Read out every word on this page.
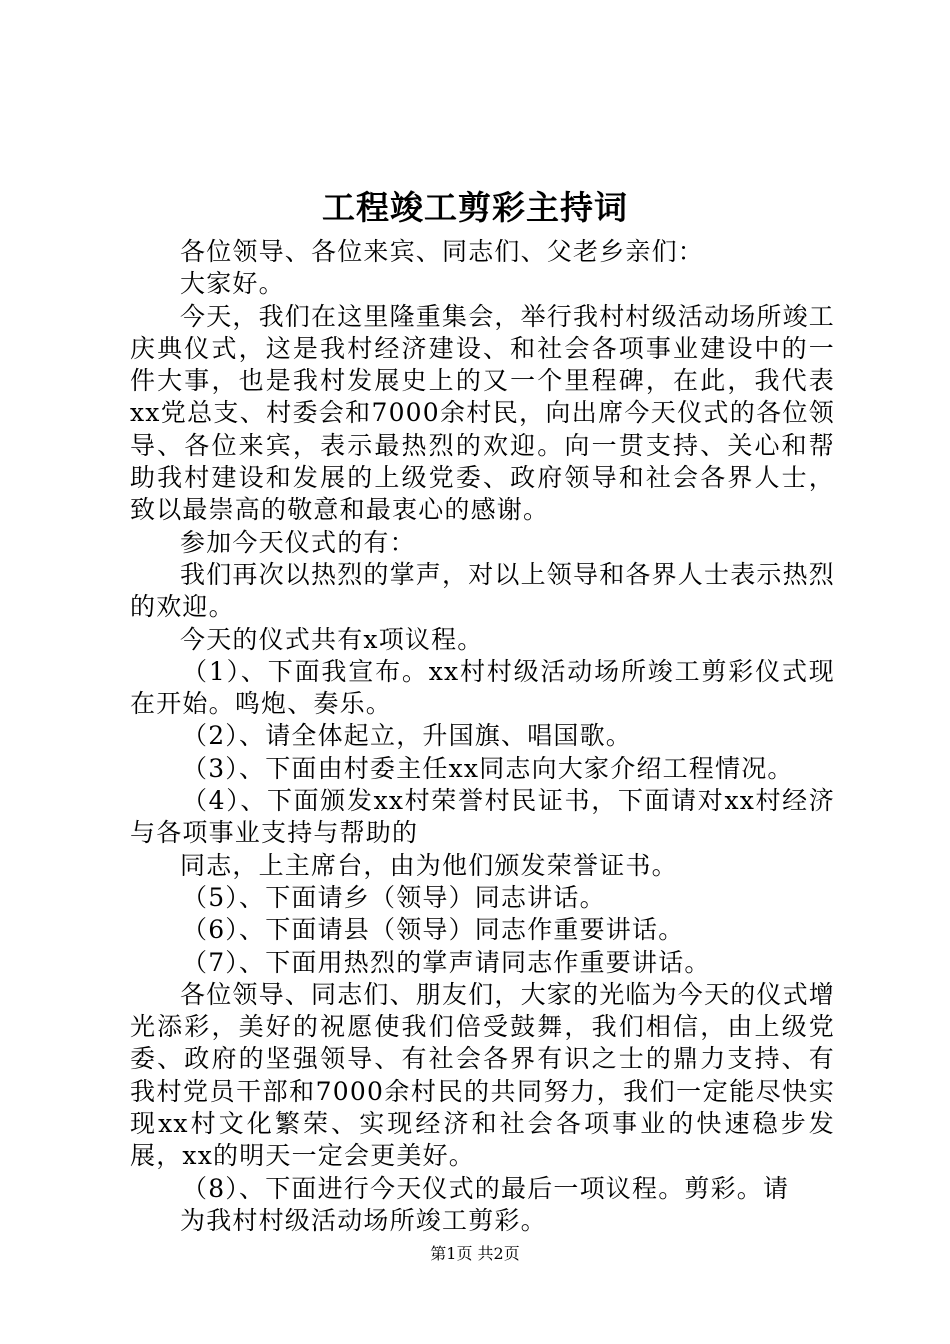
工程竣工剪彩主持词

各位领导、各位来宾、同志们、父老乡亲们：

大家好。

今天，我们在这里隆重集会，举行我村村级活动场所竣工庆典仪式，这是我村经济建设、和社会各项事业建设中的一件大事，也是我村发展史上的又一个里程碑，在此，我代表xx党总支、村委会和7000余村民，向出席今天仪式的各位领导、各位来宾，表示最热烈的欢迎。向一贯支持、关心和帮助我村建设和发展的上级党委、政府领导和社会各界人士，致以最崇高的敬意和最衷心的感谢。

参加今天仪式的有：

我们再次以热烈的掌声，对以上领导和各界人士表示热烈的欢迎。

今天的仪式共有x项议程。

（1）、下面我宣布。xx村村级活动场所竣工剪彩仪式现在开始。鸣炮、奏乐。

（2）、请全体起立，升国旗、唱国歌。

（3）、下面由村委主任xx同志向大家介绍工程情况。

（4）、下面颁发xx村荣誉村民证书，下面请对xx村经济与各项事业支持与帮助的

同志，上主席台，由为他们颁发荣誉证书。

（5）、下面请乡（领导）同志讲话。

（6）、下面请县（领导）同志作重要讲话。

（7）、下面用热烈的掌声请同志作重要讲话。

各位领导、同志们、朋友们，大家的光临为今天的仪式增光添彩，美好的祝愿使我们倍受鼓舞，我们相信，由上级党委、政府的坚强领导、有社会各界有识之士的鼎力支持、有我村党员干部和7000余村民的共同努力，我们一定能尽快实现xx村文化繁荣、实现经济和社会各项事业的快速稳步发展，xx的明天一定会更美好。

（8）、下面进行今天仪式的最后一项议程。剪彩。请

为我村村级活动场所竣工剪彩。

第1页 共2页
